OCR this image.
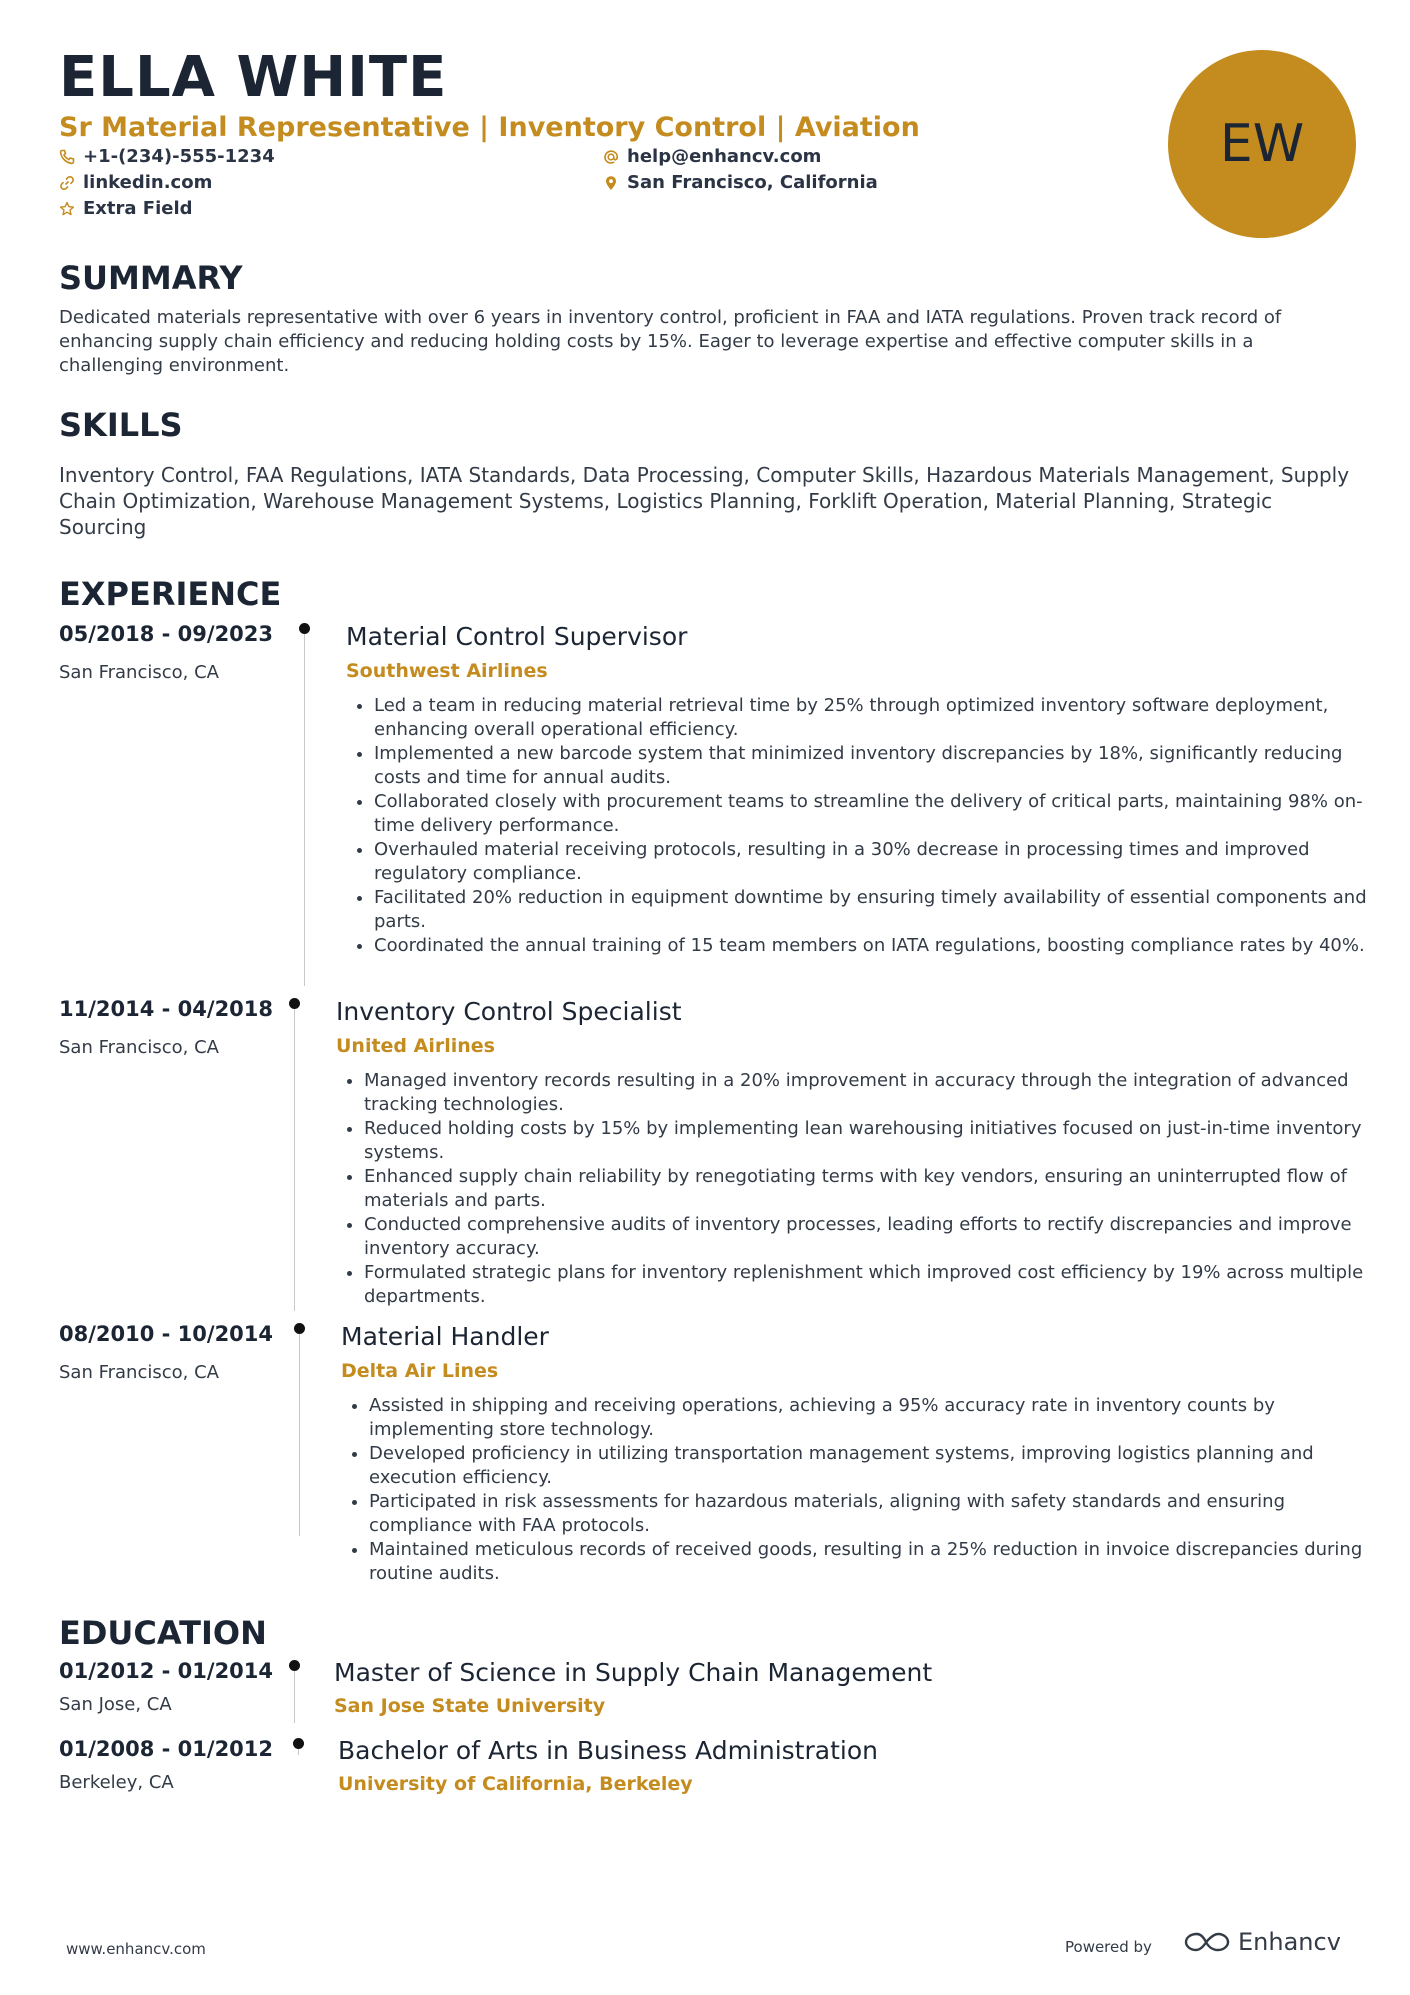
ELLA WHITE
Sr Material Representative | Inventory Control | Aviation
+1-(234)-555-1234	help@enhancv.com
linkedin.com	San Francisco, California
Extra Field
EW
SUMMARY
Dedicated materials representative with over 6 years in inventory control, proficient in FAA and IATA regulations. Proven track record of enhancing supply chain efficiency and reducing holding costs by 15%. Eager to leverage expertise and effective computer skills in a challenging environment.
SKILLS
Inventory Control, FAA Regulations, IATA Standards, Data Processing, Computer Skills, Hazardous Materials Management, Supply Chain Optimization, Warehouse Management Systems, Logistics Planning, Forklift Operation, Material Planning, Strategic Sourcing
EXPERIENCE
05/2018 - 09/2023
San Francisco, CA
Material Control Supervisor
Southwest Airlines
• Led a team in reducing material retrieval time by 25% through optimized inventory software deployment, enhancing overall operational efficiency.
• Implemented a new barcode system that minimized inventory discrepancies by 18%, significantly reducing costs and time for annual audits.
• Collaborated closely with procurement teams to streamline the delivery of critical parts, maintaining 98% on-time delivery performance.
• Overhauled material receiving protocols, resulting in a 30% decrease in processing times and improved regulatory compliance.
• Facilitated 20% reduction in equipment downtime by ensuring timely availability of essential components and parts.
• Coordinated the annual training of 15 team members on IATA regulations, boosting compliance rates by 40%.
11/2014 - 04/2018
San Francisco, CA
Inventory Control Specialist
United Airlines
• Managed inventory records resulting in a 20% improvement in accuracy through the integration of advanced tracking technologies.
• Reduced holding costs by 15% by implementing lean warehousing initiatives focused on just-in-time inventory systems.
• Enhanced supply chain reliability by renegotiating terms with key vendors, ensuring an uninterrupted flow of materials and parts.
• Conducted comprehensive audits of inventory processes, leading efforts to rectify discrepancies and improve inventory accuracy.
• Formulated strategic plans for inventory replenishment which improved cost efficiency by 19% across multiple departments.
08/2010 - 10/2014
San Francisco, CA
Material Handler
Delta Air Lines
• Assisted in shipping and receiving operations, achieving a 95% accuracy rate in inventory counts by implementing store technology.
• Developed proficiency in utilizing transportation management systems, improving logistics planning and execution efficiency.
• Participated in risk assessments for hazardous materials, aligning with safety standards and ensuring compliance with FAA protocols.
• Maintained meticulous records of received goods, resulting in a 25% reduction in invoice discrepancies during routine audits.
EDUCATION
01/2012 - 01/2014
San Jose, CA
Master of Science in Supply Chain Management
San Jose State University
01/2008 - 01/2012
Berkeley, CA
Bachelor of Arts in Business Administration
University of California, Berkeley
www.enhancv.com	Powered by	Enhancv
